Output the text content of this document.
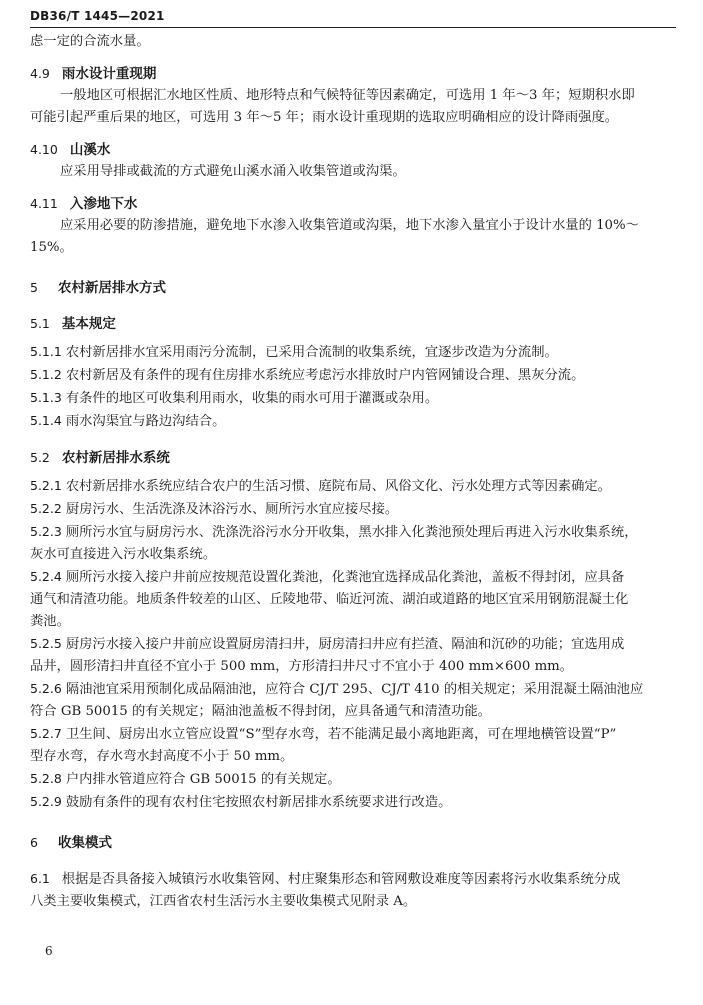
DB36/T 1445—2021
虑一定的合流水量。
4.9 雨水设计重现期
一般地区可根据汇水地区性质、地形特点和气候特征等因素确定，可选用 1 年～3 年；短期积水即
可能引起严重后果的地区，可选用 3 年～5 年；雨水设计重现期的选取应明确相应的设计降雨强度。
4.10 山溪水
应采用导排或截流的方式避免山溪水涌入收集管道或沟渠。
4.11 入渗地下水
应采用必要的防渗措施，避免地下水渗入收集管道或沟渠，地下水渗入量宜小于设计水量的 10%～
15%。
5 农村新居排水方式
5.1 基本规定
5.1.1 农村新居排水宜采用雨污分流制，已采用合流制的收集系统，宜逐步改造为分流制。
5.1.2 农村新居及有条件的现有住房排水系统应考虑污水排放时户内管网铺设合理、黑灰分流。
5.1.3 有条件的地区可收集利用雨水，收集的雨水可用于灌溉或杂用。
5.1.4 雨水沟渠宜与路边沟结合。
5.2 农村新居排水系统
5.2.1 农村新居排水系统应结合农户的生活习惯、庭院布局、风俗文化、污水处理方式等因素确定。
5.2.2 厨房污水、生活洗涤及沐浴污水、厕所污水宜应接尽接。
5.2.3 厕所污水宜与厨房污水、洗涤洗浴污水分开收集，黑水排入化粪池预处理后再进入污水收集系统，
灰水可直接进入污水收集系统。
5.2.4 厕所污水接入接户井前应按规范设置化粪池，化粪池宜选择成品化粪池，盖板不得封闭，应具备
通气和清渣功能。地质条件较差的山区、丘陵地带、临近河流、湖泊或道路的地区宜采用钢筋混凝土化
粪池。
5.2.5 厨房污水接入接户井前应设置厨房清扫井，厨房清扫井应有拦渣、隔油和沉砂的功能；宜选用成
品井，圆形清扫井直径不宜小于 500 mm，方形清扫井尺寸不宜小于 400 mm×600 mm。
5.2.6 隔油池宜采用预制化成品隔油池，应符合 CJ/T 295、CJ/T 410 的相关规定；采用混凝土隔油池应
符合 GB 50015 的有关规定；隔油池盖板不得封闭，应具备通气和清渣功能。
5.2.7 卫生间、厨房出水立管应设置“S”型存水弯，若不能满足最小离地距离，可在埋地横管设置“P”
型存水弯，存水弯水封高度不小于 50 mm。
5.2.8 户内排水管道应符合 GB 50015 的有关规定。
5.2.9 鼓励有条件的现有农村住宅按照农村新居排水系统要求进行改造。
6 收集模式
6.1 根据是否具备接入城镇污水收集管网、村庄聚集形态和管网敷设难度等因素将污水收集系统分成
八类主要收集模式，江西省农村生活污水主要收集模式见附录 A。
6
